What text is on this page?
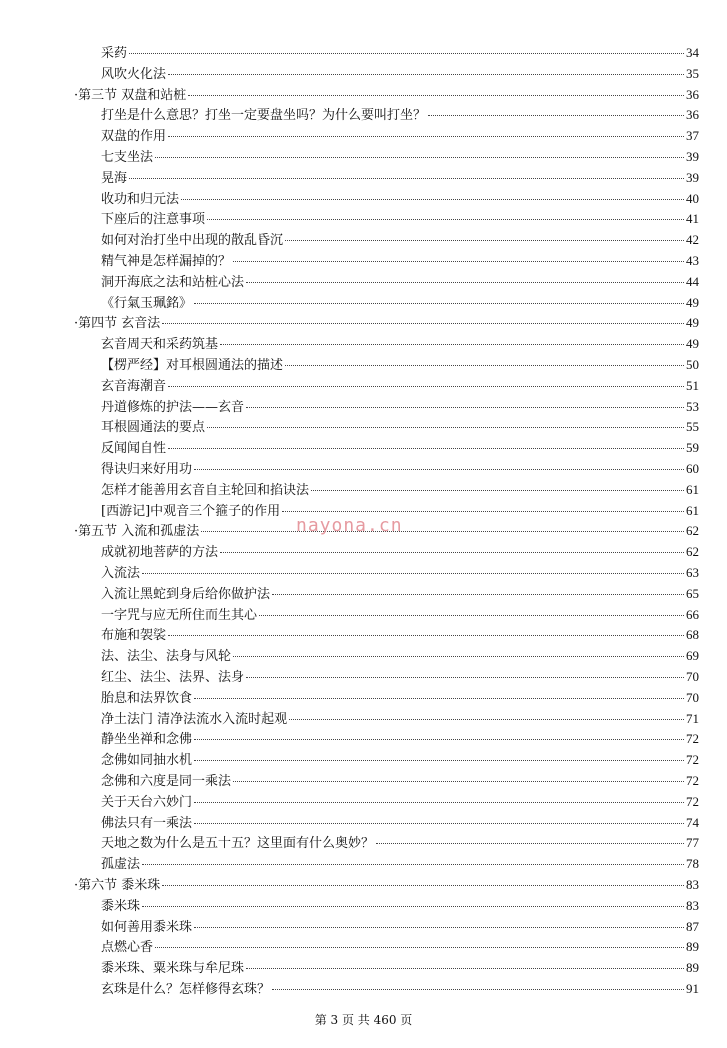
采药	34
风吹火化法	35
·第三节 双盘和站桩	36
打坐是什么意思？打坐一定要盘坐吗？为什么要叫打坐？	36
双盘的作用	37
七支坐法	39
晃海	39
收功和归元法	40
下座后的注意事项	41
如何对治打坐中出现的散乱昏沉	42
精气神是怎样漏掉的？	43
洞开海底之法和站桩心法	44
《行氣玉珮銘》	49
·第四节 玄音法	49
玄音周天和采药筑基	49
【楞严经】对耳根圆通法的描述	50
玄音海潮音	51
丹道修炼的护法——玄音	53
耳根圆通法的要点	55
反闻闻自性	59
得诀归来好用功	60
怎样才能善用玄音自主轮回和掐诀法	61
[西游记]中观音三个箍子的作用	61
·第五节 入流和孤虚法	62
成就初地菩萨的方法	62
入流法	63
入流让黑蛇到身后给你做护法	65
一字咒与应无所住而生其心	66
布施和袈裟	68
法、法尘、法身与风轮	69
红尘、法尘、法界、法身	70
胎息和法界饮食	70
净土法门 清净法流水入流时起观	71
静坐坐禅和念佛	72
念佛如同抽水机	72
念佛和六度是同一乘法	72
关于天台六妙门	72
佛法只有一乘法	74
天地之数为什么是五十五？这里面有什么奥妙？	77
孤虚法	78
·第六节 黍米珠	83
黍米珠	83
如何善用黍米珠	87
点燃心香	89
黍米珠、粟米珠与牟尼珠	89
玄珠是什么？怎样修得玄珠？	91
nayona.cn
第 3 页 共 460 页
